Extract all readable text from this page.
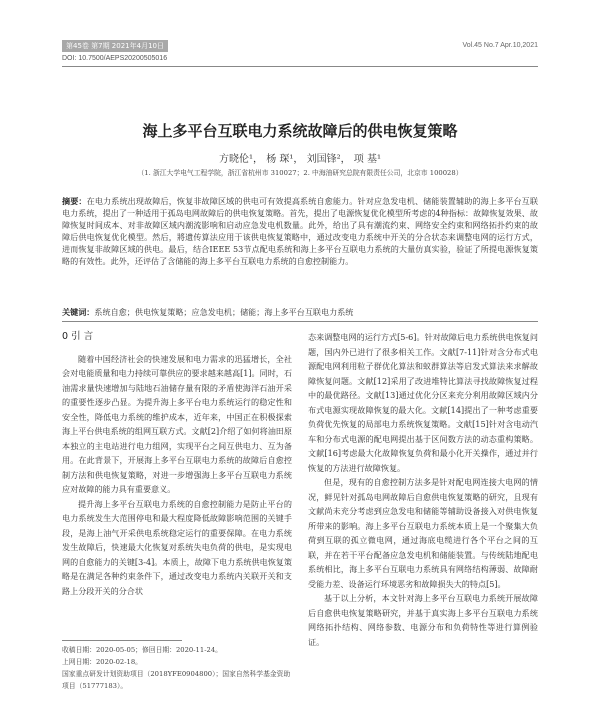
第45卷 第7期 2021年4月10日	Vol.45 No.7 Apr.10,2021
DOI: 10.7500/AEPS20200505016
海上多平台互联电力系统故障后的供电恢复策略
方晓伦¹， 杨 琛¹， 刘国锋²， 项 基¹
（1. 浙江大学电气工程学院，浙江省杭州市 310027；2. 中海油研究总院有限责任公司，北京市 100028）
摘要：在电力系统出现故障后，恢复非故障区域的供电可有效提高系统自愈能力。针对应急发电机、储能装置辅助的海上多平台互联电力系统，提出了一种适用于孤岛电网故障后的供电恢复策略。首先，提出了电源恢复优化模型所考虑的4种指标：故障恢复效果、故障恢复时间成本、对非故障区域内潮流影响和启动应急发电机数量。此外，给出了具有潮流约束、网络安全约束和网络拓扑约束的故障后供电恢复优化模型。然后，將遗传算法应用于该供电恢复策略中，通过改变电力系统中开关的分合状态来调整电网的运行方式，进而恢复非故障区域的供电。最后，结合IEEE 53节点配电系统和海上多平台互联电力系统的大量仿真实验，验证了所提电源恢复策略的有效性。此外，还评估了含储能的海上多平台互联电力系统的自愈控制能力。
关键词：系统自愈；供电恢复策略；应急发电机；储能；海上多平台互联电力系统
0 引 言

随着中国经济社会的快速发展和电力需求的迅猛增长，全社会对电能质量和电力持续可靠供应的要求越来越高[1]。同时，石油需求量快速增加与陆地石油储存量有限的矛盾使海洋石油开采的重要性逐步凸显。为提升海上多平台电力系统运行的稳定性和安全性，降低电力系统的维护成本，近年来，中国正在积极探索海上平台供电系统的组网互联方式。文献[2]介绍了如何将油田原本独立的主电站进行电力组网，实现平台之间互供电力、互为备用。在此背景下，开展海上多平台互联电力系统的故障后自愈控制方法和供电恢复策略，对进一步增强海上多平台互联电力系统应对故障的能力具有重要意义。

提升海上多平台互联电力系统的自愈控制能力是防止平台的电力系统发生大范围停电和最大程度降低故障影响范围的关键手段，是海上油气开采供电系统稳定运行的重要保障。在电力系统发生故障后，快速最大化恢复对系统失电负荷的供电，是实现电网的自愈能力的关键[3-4]。本质上，故障下电力系统供电恢复策略是在满足各种约束条件下，通过改变电力系统内关联开关和支路上分段开关的分合状

态来调整电网的运行方式[5-6]。针对故障后电力系统供电恢复问题，国内外已进行了很多相关工作。文献[7-11]针对含分布式电源配电网利用粒子群优化算法和蚁群算法等启发式算法来求解故障恢复问题。文献[12]采用了改进堆特比算法寻找故障恢复过程中的最优路径。文献[13]通过优化分区来充分利用故障区域内分布式电源实现故障恢复的最大化。文献[14]提出了一种考虑重要负荷优先恢复的局部电力系统恢复策略。文献[15]针对含电动汽车和分布式电源的配电网提出基于区间数方法的动态重构策略。文献[16]考虑最大化故障恢复负荷和最小化开关操作，通过并行恢复的方法进行故障恢复。

但是，现有的自愈控制方法多是针对配电网连接大电网的情况，鲜见针对孤岛电网故障后自愈供电恢复策略的研究，且现有文献尚未充分考虑到应急发电和储能等辅助设备接入对供电恢复所带来的影响。海上多平台互联电力系统本质上是一个聚集大负荷到互联的孤立微电网，通过海底电缆进行各个平台之间的互联，并在若干平台配备应急发电机和储能装置。与传统陆地配电系统相比，海上多平台互联电力系统具有网络结构薄弱、故障耐受能力差、设备运行环境恶劣和故障损失大的特点[5]。

基于以上分析，本文针对海上多平台互联电力系统开展故障后自愈供电恢复策略研究，并基于真实海上多平台互联电力系统网络拓扑结构、网络参数、电源分布和负荷特性等进行算例验证。

收稿日期：2020-05-05；修回日期：2020-11-24。
上网日期：2020-02-18。
国家重点研发计划资助项目（2018YFE0904800）；国家自然科学基金资助项目（51777183）。
